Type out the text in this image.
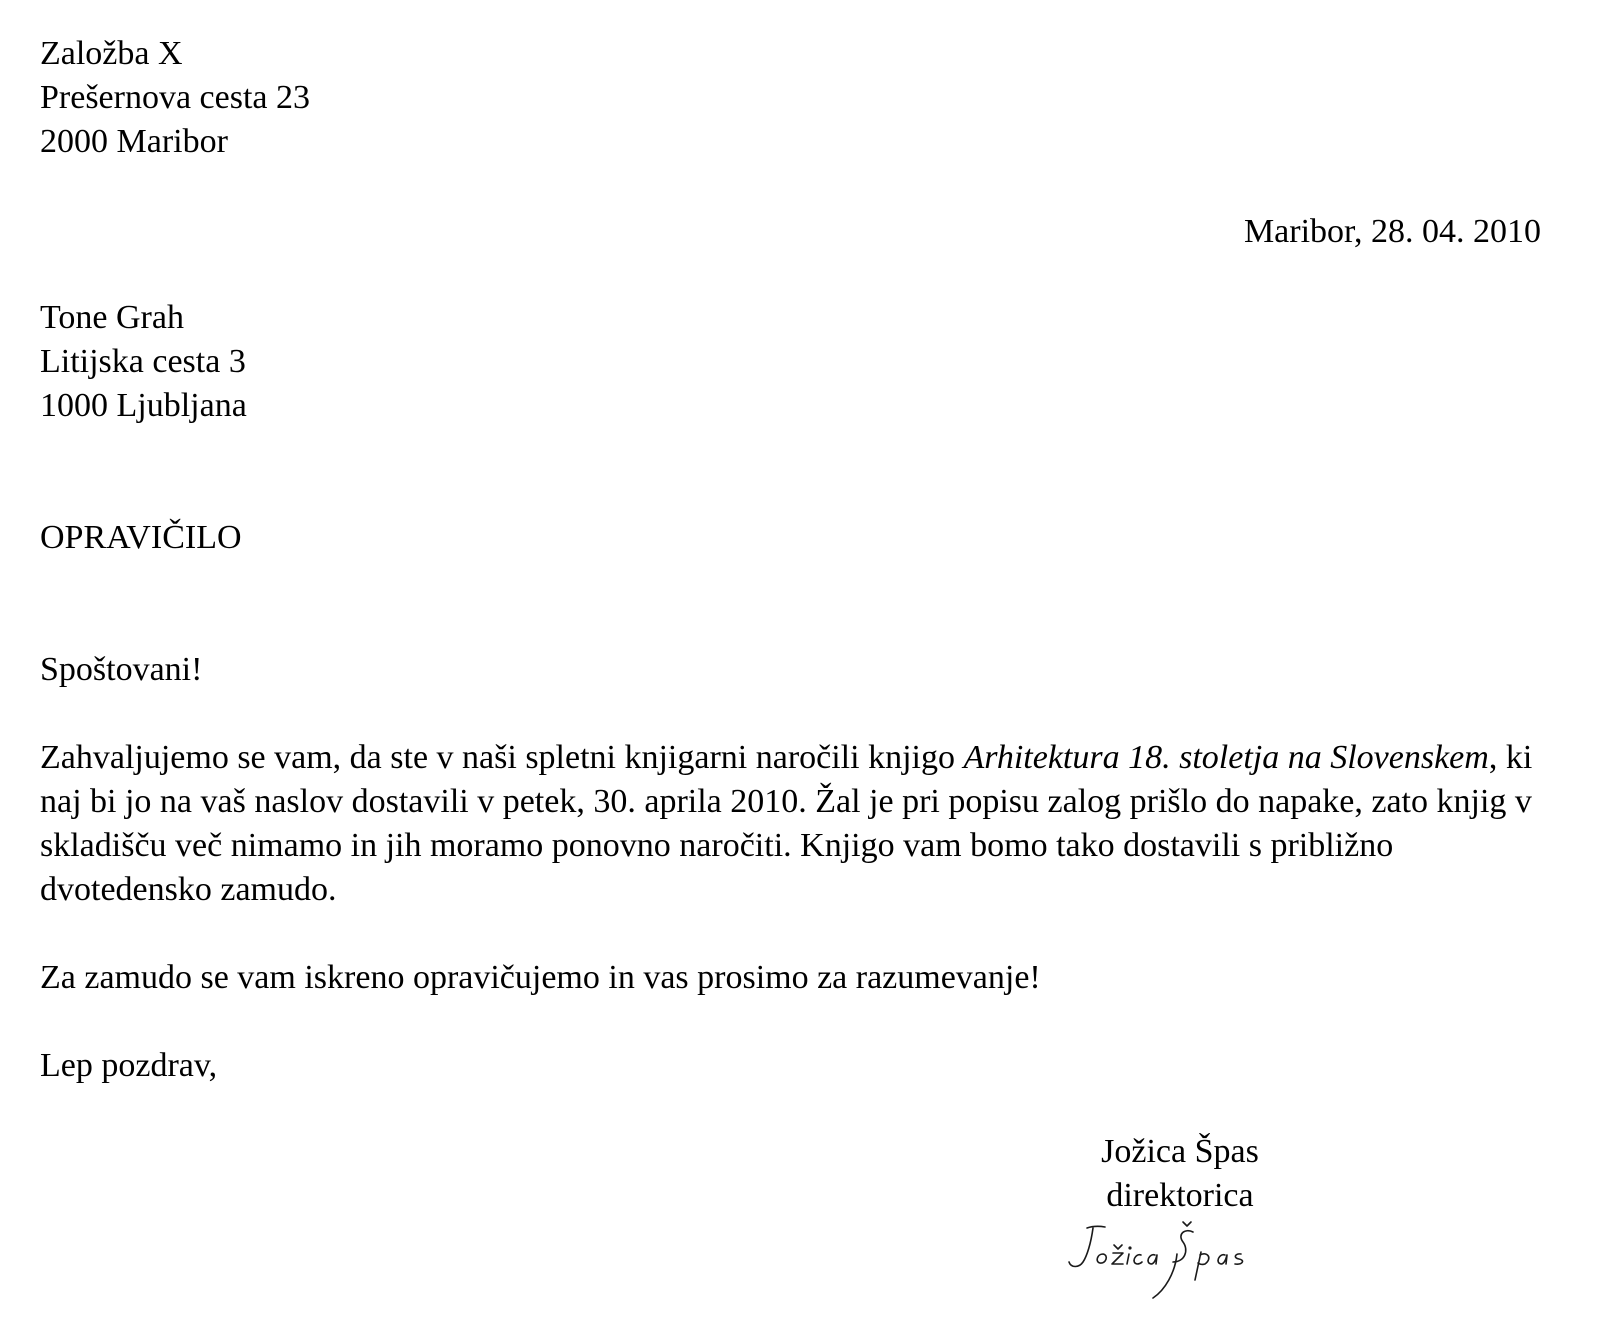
Založba X
Prešernova cesta 23
2000 Maribor
Maribor, 28. 04. 2010
Tone Grah
Litijska cesta 3
1000 Ljubljana
OPRAVIČILO
Spoštovani!
Zahvaljujemo se vam, da ste v naši spletni knjigarni naročili knjigo Arhitektura 18. stoletja na Slovenskem, ki naj bi jo na vaš naslov dostavili v petek, 30. aprila 2010. Žal je pri popisu zalog prišlo do napake, zato knjig v skladišču več nimamo in jih moramo ponovno naročiti. Knjigo vam bomo tako dostavili s približno dvotedensko zamudo.
Za zamudo se vam iskreno opravičujemo in vas prosimo za razumevanje!
Lep pozdrav,
Jožica Špas
direktorica
